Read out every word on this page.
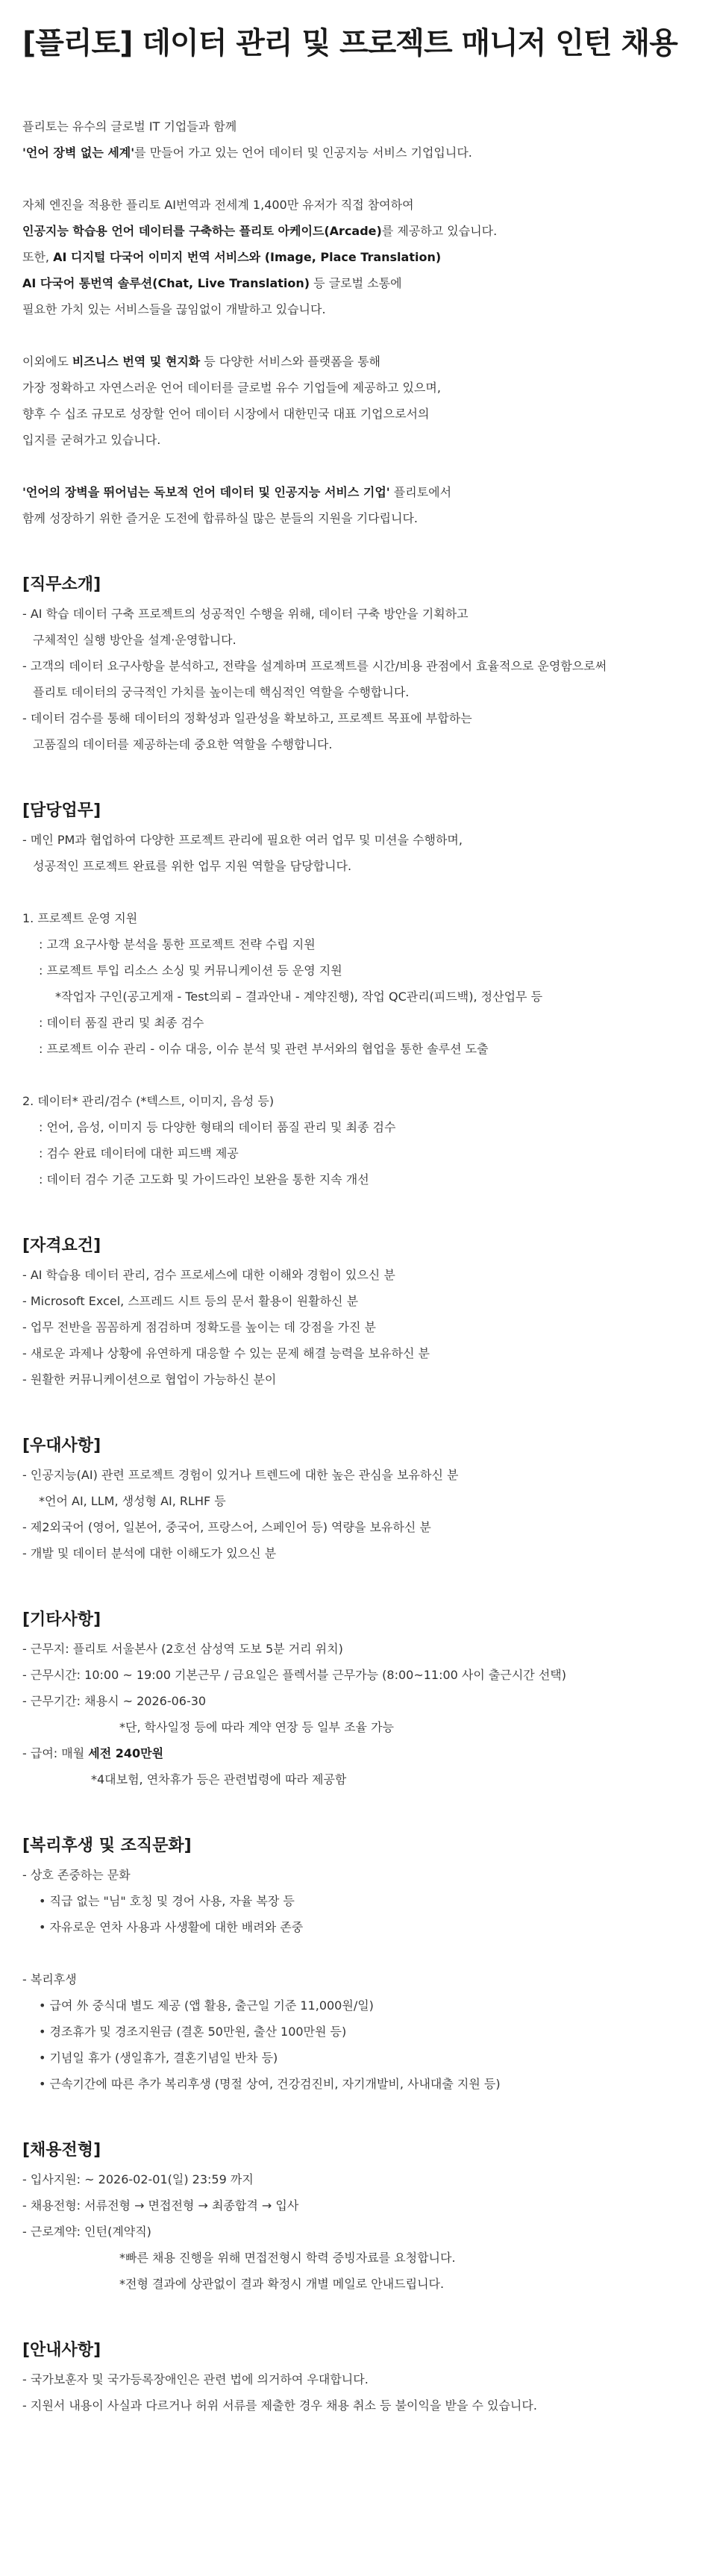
[플리토] 데이터 관리 및 프로젝트 매니저 인턴 채용
플리토는 유수의 글로벌 IT 기업들과 함께
'언어 장벽 없는 세계'를 만들어 가고 있는 언어 데이터 및 인공지능 서비스 기업입니다.
자체 엔진을 적용한 플리토 AI번역과 전세계 1,400만 유저가 직접 참여하여
인공지능 학습용 언어 데이터를 구축하는 플리토 아케이드(Arcade)를 제공하고 있습니다.
또한, AI 디지털 다국어 이미지 번역 서비스와 (Image, Place Translation)
AI 다국어 통번역 솔루션(Chat, Live Translation) 등 글로벌 소통에
필요한 가치 있는 서비스들을 끊임없이 개발하고 있습니다.
이외에도 비즈니스 번역 및 현지화 등 다양한 서비스와 플랫폼을 통해
가장 정확하고 자연스러운 언어 데이터를 글로벌 유수 기업들에 제공하고 있으며,
향후 수 십조 규모로 성장할 언어 데이터 시장에서 대한민국 대표 기업으로서의
입지를 굳혀가고 있습니다.
'언어의 장벽을 뛰어넘는 독보적 언어 데이터 및 인공지능 서비스 기업' 플리토에서
함께 성장하기 위한 즐거운 도전에 합류하실 많은 분들의 지원을 기다립니다.
[직무소개]
- AI 학습 데이터 구축 프로젝트의 성공적인 수행을 위해, 데이터 구축 방안을 기획하고
구체적인 실행 방안을 설계·운영합니다.
- 고객의 데이터 요구사항을 분석하고, 전략을 설계하며 프로젝트를 시간/비용 관점에서 효율적으로 운영함으로써
플리토 데이터의 궁극적인 가치를 높이는데 핵심적인 역할을 수행합니다.
- 데이터 검수를 통해 데이터의 정확성과 일관성을 확보하고, 프로젝트 목표에 부합하는
고품질의 데이터를 제공하는데 중요한 역할을 수행합니다.
[담당업무]
- 메인 PM과 협업하여 다양한 프로젝트 관리에 필요한 여러 업무 및 미션을 수행하며,
성공적인 프로젝트 완료를 위한 업무 지원 역할을 담당합니다.
1. 프로젝트 운영 지원
: 고객 요구사항 분석을 통한 프로젝트 전략 수립 지원
: 프로젝트 투입 리소스 소싱 및 커뮤니케이션 등 운영 지원
*작업자 구인(공고게재 - Test의뢰 – 결과안내 - 계약진행), 작업 QC관리(피드백), 정산업무 등
: 데이터 품질 관리 및 최종 검수
: 프로젝트 이슈 관리 - 이슈 대응, 이슈 분석 및 관련 부서와의 협업을 통한 솔루션 도출
2. 데이터* 관리/검수 (*텍스트, 이미지, 음성 등)
: 언어, 음성, 이미지 등 다양한 형태의 데이터 품질 관리 및 최종 검수
: 검수 완료 데이터에 대한 피드백 제공
: 데이터 검수 기준 고도화 및 가이드라인 보완을 통한 지속 개선
[자격요건]
- AI 학습용 데이터 관리, 검수 프로세스에 대한 이해와 경험이 있으신 분
- Microsoft Excel, 스프레드 시트 등의 문서 활용이 원활하신 분
- 업무 전반을 꼼꼼하게 점검하며 정확도를 높이는 데 강점을 가진 분
- 새로운 과제나 상황에 유연하게 대응할 수 있는 문제 해결 능력을 보유하신 분
- 원활한 커뮤니케이션으로 협업이 가능하신 분이
[우대사항]
- 인공지능(AI) 관련 프로젝트 경험이 있거나 트렌드에 대한 높은 관심을 보유하신 분
*언어 AI, LLM, 생성형 AI, RLHF 등
- 제2외국어 (영어, 일본어, 중국어, 프랑스어, 스페인어 등) 역량을 보유하신 분
- 개발 및 데이터 분석에 대한 이해도가 있으신 분
[기타사항]
- 근무지: 플리토 서울본사 (2호선 삼성역 도보 5분 거리 위치)
- 근무시간: 10:00 ~ 19:00 기본근무 / 금요일은 플렉서블 근무가능 (8:00~11:00 사이 출근시간 선택)
- 근무기간: 채용시 ~ 2026-06-30
*단, 학사일정 등에 따라 계약 연장 등 일부 조율 가능
- 급여: 매월 세전 240만원
*4대보험, 연차휴가 등은 관련법령에 따라 제공함
[복리후생 및 조직문화]
- 상호 존중하는 문화
• 직급 없는 "님" 호칭 및 경어 사용, 자율 복장 등
• 자유로운 연차 사용과 사생활에 대한 배려와 존중
- 복리후생
• 급여 外 중식대 별도 제공 (앱 활용, 출근일 기준 11,000원/일)
• 경조휴가 및 경조지원금 (결혼 50만원, 출산 100만원 등)
• 기념일 휴가 (생일휴가, 결혼기념일 반차 등)
• 근속기간에 따른 추가 복리후생 (명절 상여, 건강검진비, 자기개발비, 사내대출 지원 등)
[채용전형]
- 입사지원: ~ 2026-02-01(일) 23:59 까지
- 채용전형: 서류전형 → 면접전형 → 최종합격 → 입사
- 근로계약: 인턴(계약직)
*빠른 채용 진행을 위해 면접전형시 학력 증빙자료를 요청합니다.
*전형 결과에 상관없이 결과 확정시 개별 메일로 안내드립니다.
[안내사항]
- 국가보훈자 및 국가등록장애인은 관련 법에 의거하여 우대합니다.
- 지원서 내용이 사실과 다르거나 허위 서류를 제출한 경우 채용 취소 등 불이익을 받을 수 있습니다.
